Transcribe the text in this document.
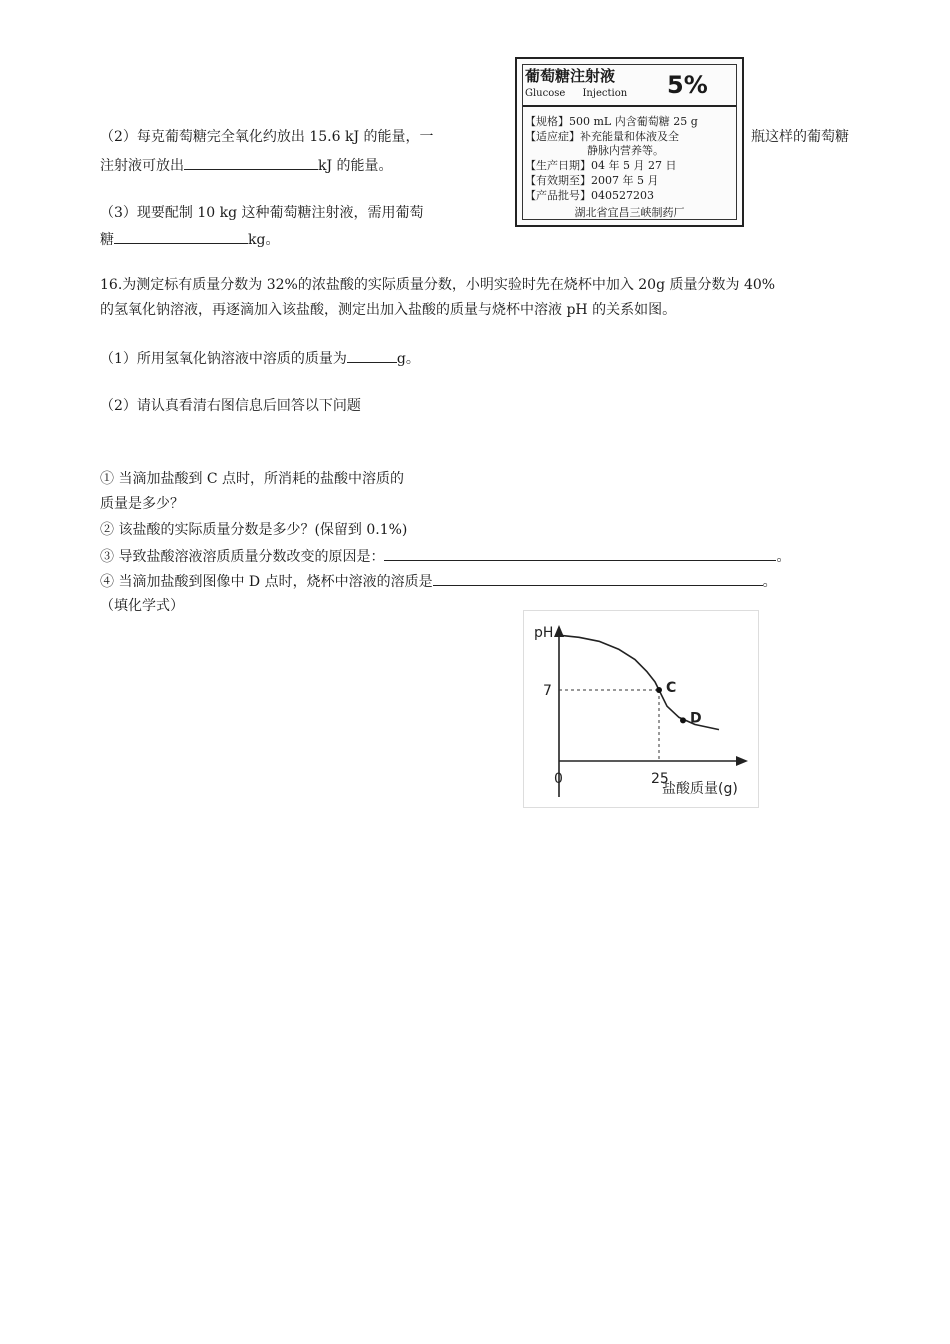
（2）每克葡萄糖完全氧化约放出 15.6 kJ 的能量，一	瓶这样的葡萄糖
注射液可放出	kJ 的能量。
（3）现要配制 10 kg 这种葡萄糖注射液，需用葡萄
糖	kg。
葡萄糖注射液 5%
Glucose Injection
【规格】500 mL 内含葡萄糖 25 g
【适应症】补充能量和体液及全
静脉内营养等。
【生产日期】04 年 5 月 27 日
【有效期至】2007 年 5 月
【产品批号】040527203
湖北省宜昌三峡制药厂
16.为测定标有质量分数为 32%的浓盐酸的实际质量分数，小明实验时先在烧杯中加入 20g 质量分数为 40%
的氢氧化钠溶液，再逐滴加入该盐酸，测定出加入盐酸的质量与烧杯中溶液 pH 的关系如图。
（1）所用氢氧化钠溶液中溶质的质量为	g。
（2）请认真看清右图信息后回答以下问题
① 当滴加盐酸到 C 点时，所消耗的盐酸中溶质的
质量是多少？
② 该盐酸的实际质量分数是多少？(保留到 0.1%)
③ 导致盐酸溶液溶质质量分数改变的原因是：	。
④ 当滴加盐酸到图像中 D 点时，烧杯中溶液的溶质是	。
（填化学式）
pH
0
盐酸质量(g)
7
25
C
D
